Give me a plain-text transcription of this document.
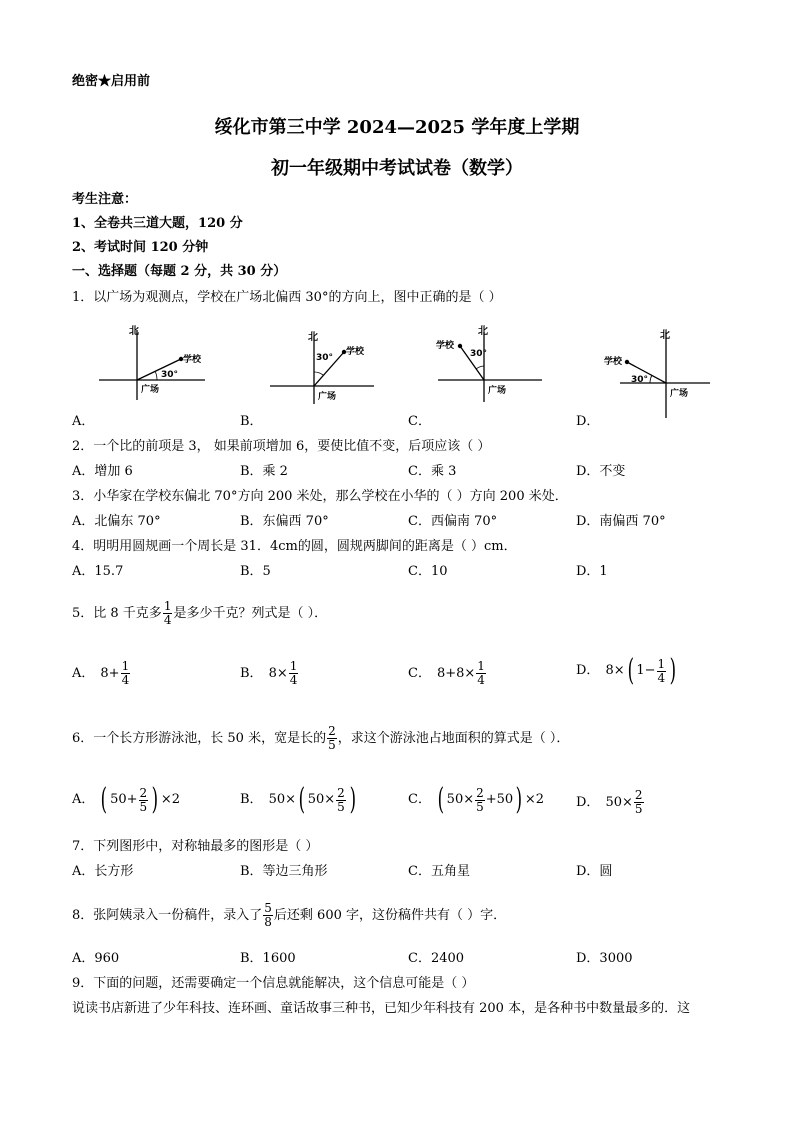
绝密★启用前
绥化市第三中学 2024—2025 学年度上学期
初一年级期中考试试卷（数学）
考生注意：
1、全卷共三道大题，120 分
2、考试时间 120 分钟
一、选择题（每题 2 分，共 30 分）
1．以广场为观测点，学校在广场北偏西 30°的方向上，图中正确的是（ ）
北
学校
30°
广场
北
学校
30°
广场
北
学校
30°
广场
北
学校
30°
广场
A．	B．	C．	D．
2．一个比的前项是 3， 如果前项增加 6，要使比值不变，后项应该（ ）
A．增加 6	B．乘 2	C．乘 3	D．不变
3．小华家在学校东偏北 70°方向 200 米处，那么学校在小华的（ ）方向 200 米处．
A．北偏东 70°	B．东偏西 70°	C．西偏南 70°	D．南偏西 70°
4．明明用圆规画一个周长是 31．4cm的圆，圆规两脚间的距离是（ ）cm．
A．15.7	B．5	C．10	D．1
5．比 8 千克多 $\frac{1}{4}$ 是多少千克？列式是（ ）．
A． $8+ \frac{1}{4}$	B． $8\times \frac{1}{4}$	C． $8+8\times \frac{1}{4}$	D． 8× ( $1- \frac{1}{4}$ )
6．一个长方形游泳池，长 50 米，宽是长的 $\frac{2}{5}$ ，求这个游泳池占地面积的算式是（ ）．
A． ( $50+ \frac{2}{5}$ ) ×2	B． 50× ( $50\times \frac{2}{5}$ )	C． ( $50\times \frac{2}{5} +50$ ) ×2 D． $50\times \frac{2}{5}$
7．下列图形中，对称轴最多的图形是（ ）
A．长方形	B．等边三角形	C．五角星	D．圆
8．张阿姨录入一份稿件，录入了 $\frac{5}{8}$ 后还剩 600 字，这份稿件共有（ ）字．
A．960	B．1600	C．2400	D．3000
9．下面的问题，还需要确定一个信息就能解决，这个信息可能是（ ）
说读书店新进了少年科技、连环画、童话故事三种书，已知少年科技有 200 本，是各种书中数量最多的．这
